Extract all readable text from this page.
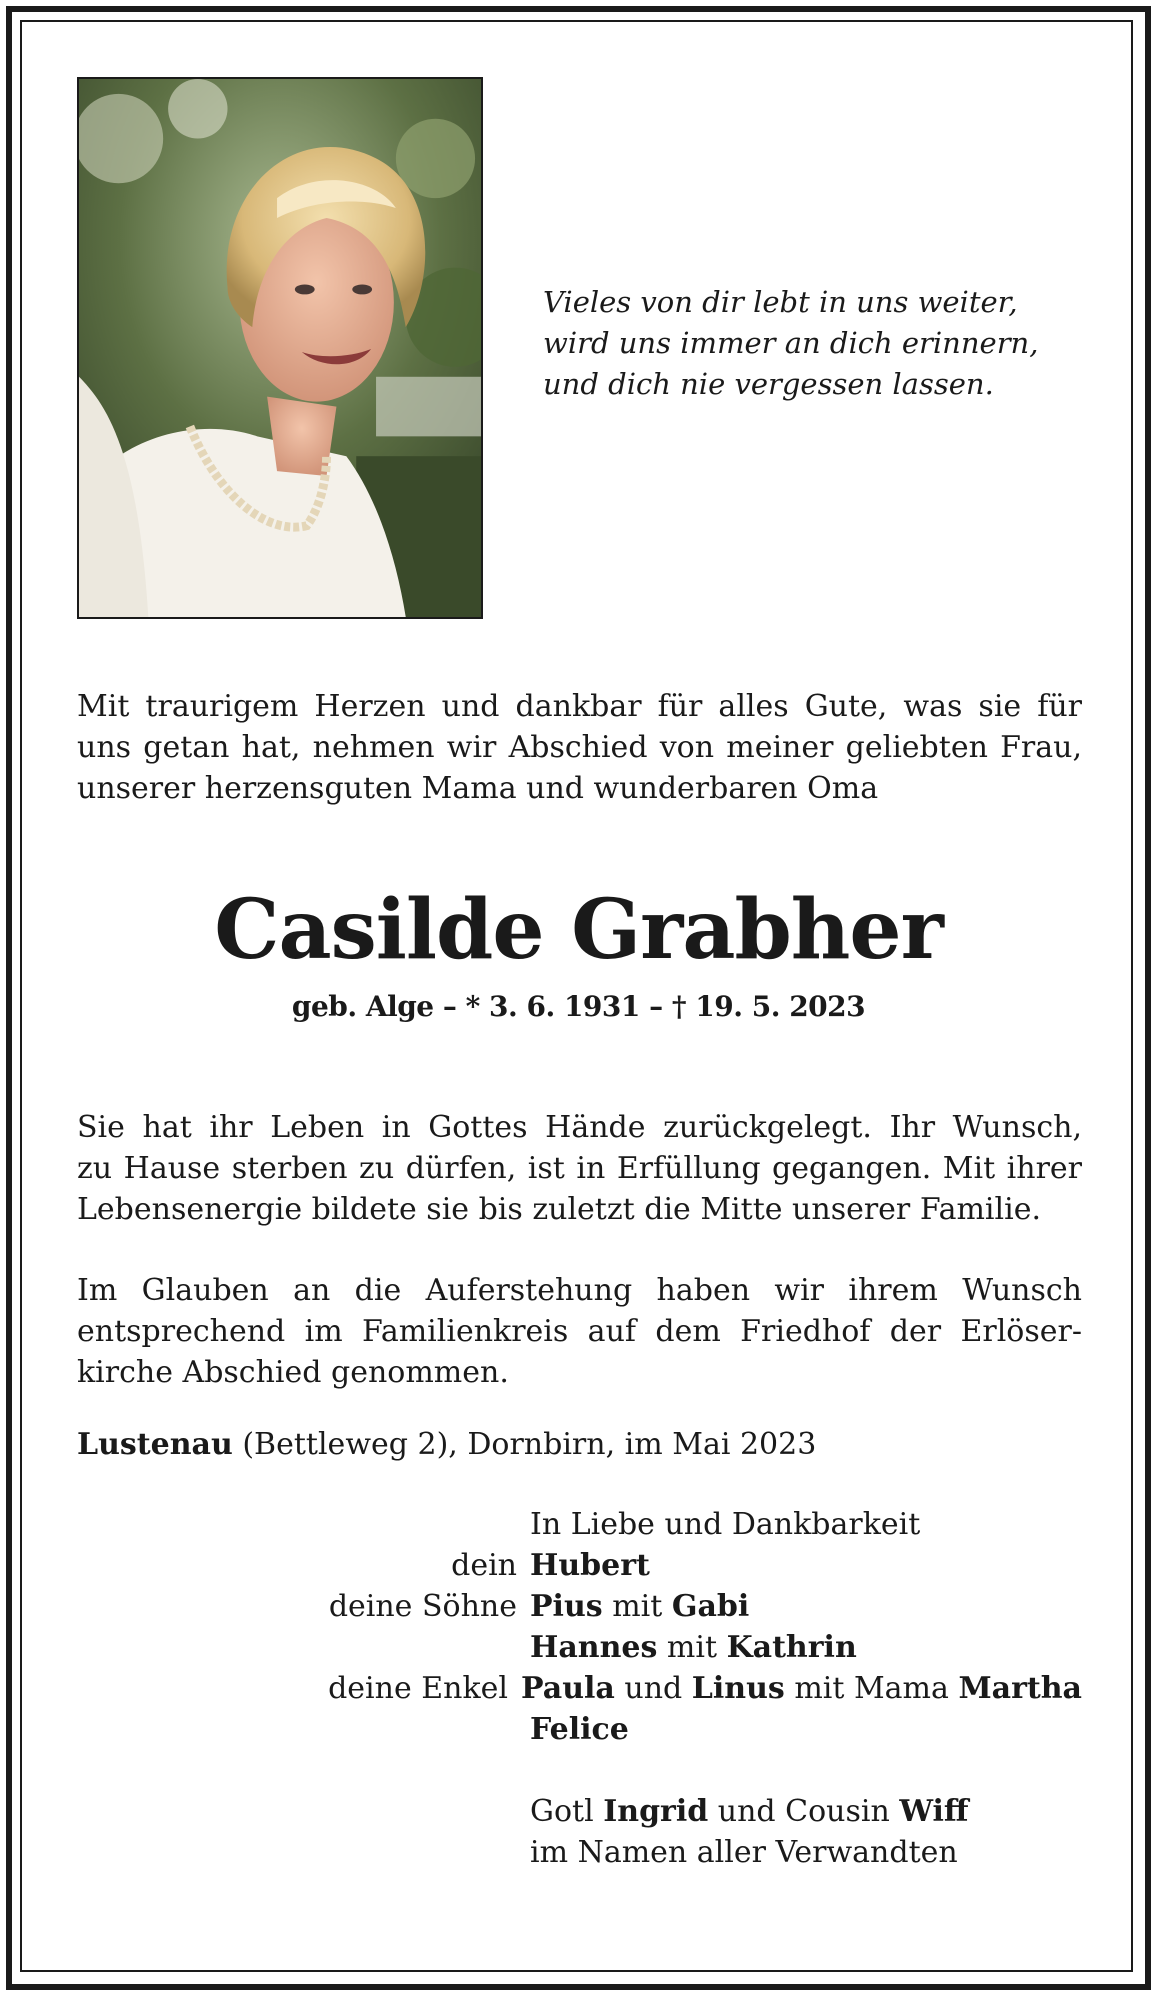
Vieles von dir lebt in uns weiter,
wird uns immer an dich erinnern,
und dich nie vergessen lassen.
Mit traurigem Herzen und dankbar für alles Gute, was sie für
uns getan hat, nehmen wir Abschied von meiner geliebten Frau,
unserer herzensguten Mama und wunderbaren Oma
Casilde Grabher
geb. Alge – * 3. 6. 1931 – † 19. 5. 2023
Sie hat ihr Leben in Gottes Hände zurückgelegt. Ihr Wunsch,
zu Hause sterben zu dürfen, ist in Erfüllung gegangen. Mit ihrer
Lebensenergie bildete sie bis zuletzt die Mitte unserer Familie.
Im Glauben an die Auferstehung haben wir ihrem Wunsch
entsprechend im Familienkreis auf dem Friedhof der Erlöser-
kirche Abschied genommen.
Lustenau (Bettleweg 2), Dornbirn, im Mai 2023
In Liebe und Dankbarkeit
dein Hubert
deine Söhne Pius mit Gabi
Hannes mit Kathrin
deine Enkel Paula und Linus mit Mama Martha
Felice
Gotl Ingrid und Cousin Wiff
im Namen aller Verwandten
